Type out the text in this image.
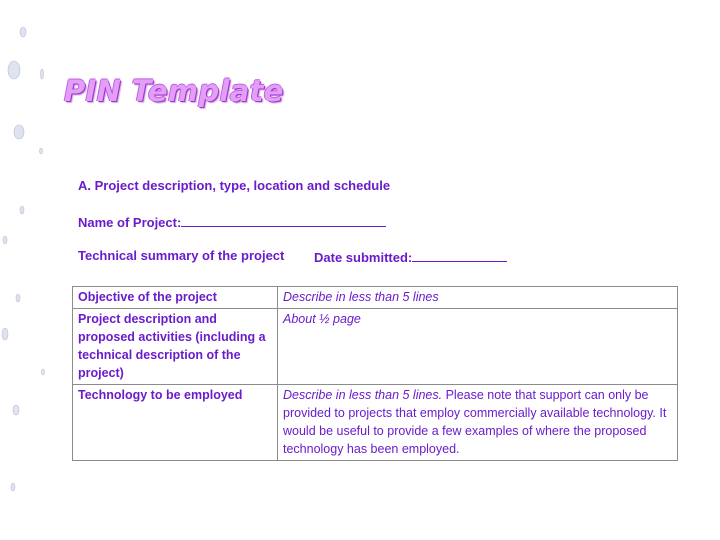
PIN Template
A. Project description, type, location and schedule
Name of Project:
Technical summary of the project Date submitted:
Objective of the project	Describe in less than 5 lines
Project description and proposed activities (including a technical description of the project)	About ½ page
Technology to be employed	Describe in less than 5 lines. Please note that support can only be provided to projects that employ commercially available technology. It would be useful to provide a few examples of where the proposed technology has been employed.
